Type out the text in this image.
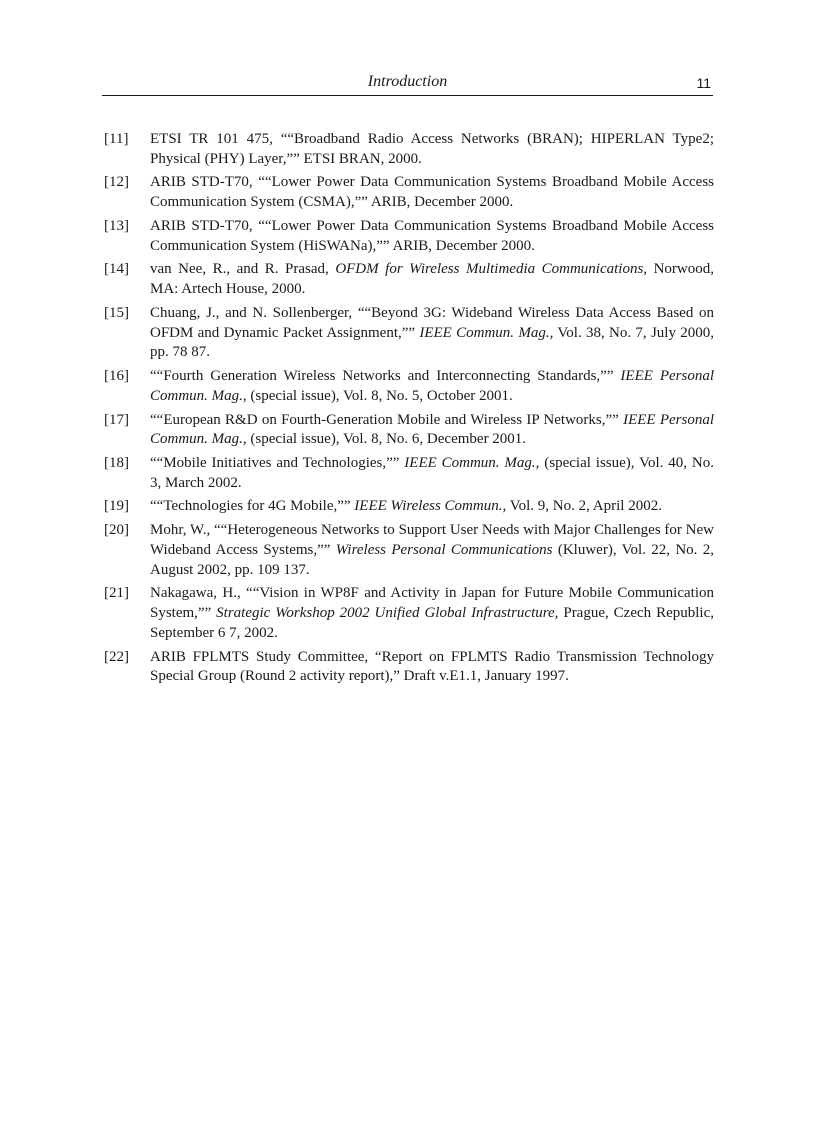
Introduction	11
[11]	ETSI TR 101 475, ““Broadband Radio Access Networks (BRAN); HIPERLAN Type2; Physical (PHY) Layer,”” ETSI BRAN, 2000.
[12]	ARIB STD-T70, ““Lower Power Data Communication Systems Broadband Mobile Access Communication System (CSMA),”” ARIB, December 2000.
[13]	ARIB STD-T70, ““Lower Power Data Communication Systems Broadband Mobile Access Communication System (HiSWANa),”” ARIB, December 2000.
[14]	van Nee, R., and R. Prasad, OFDM for Wireless Multimedia Communications, Norwood, MA: Artech House, 2000.
[15]	Chuang, J., and N. Sollenberger, ““Beyond 3G: Wideband Wireless Data Access Based on OFDM and Dynamic Packet Assignment,”” IEEE Commun. Mag., Vol. 38, No. 7, July 2000, pp. 78 87.
[16]	““Fourth Generation Wireless Networks and Interconnecting Standards,”” IEEE Personal Commun. Mag., (special issue), Vol. 8, No. 5, October 2001.
[17]	““European R&D on Fourth-Generation Mobile and Wireless IP Networks,”” IEEE Personal Commun. Mag., (special issue), Vol. 8, No. 6, December 2001.
[18]	““Mobile Initiatives and Technologies,”” IEEE Commun. Mag., (special issue), Vol. 40, No. 3, March 2002.
[19]	““Technologies for 4G Mobile,”” IEEE Wireless Commun., Vol. 9, No. 2, April 2002.
[20]	Mohr, W., ““Heterogeneous Networks to Support User Needs with Major Challenges for New Wideband Access Systems,”” Wireless Personal Communications (Kluwer), Vol. 22, No. 2, August 2002, pp. 109 137.
[21]	Nakagawa, H., ““Vision in WP8F and Activity in Japan for Future Mobile Communication System,”” Strategic Workshop 2002 Unified Global Infrastructure, Prague, Czech Republic, September 6 7, 2002.
[22]	ARIB FPLMTS Study Committee, “Report on FPLMTS Radio Transmission Technology Special Group (Round 2 activity report),” Draft v.E1.1, January 1997.
